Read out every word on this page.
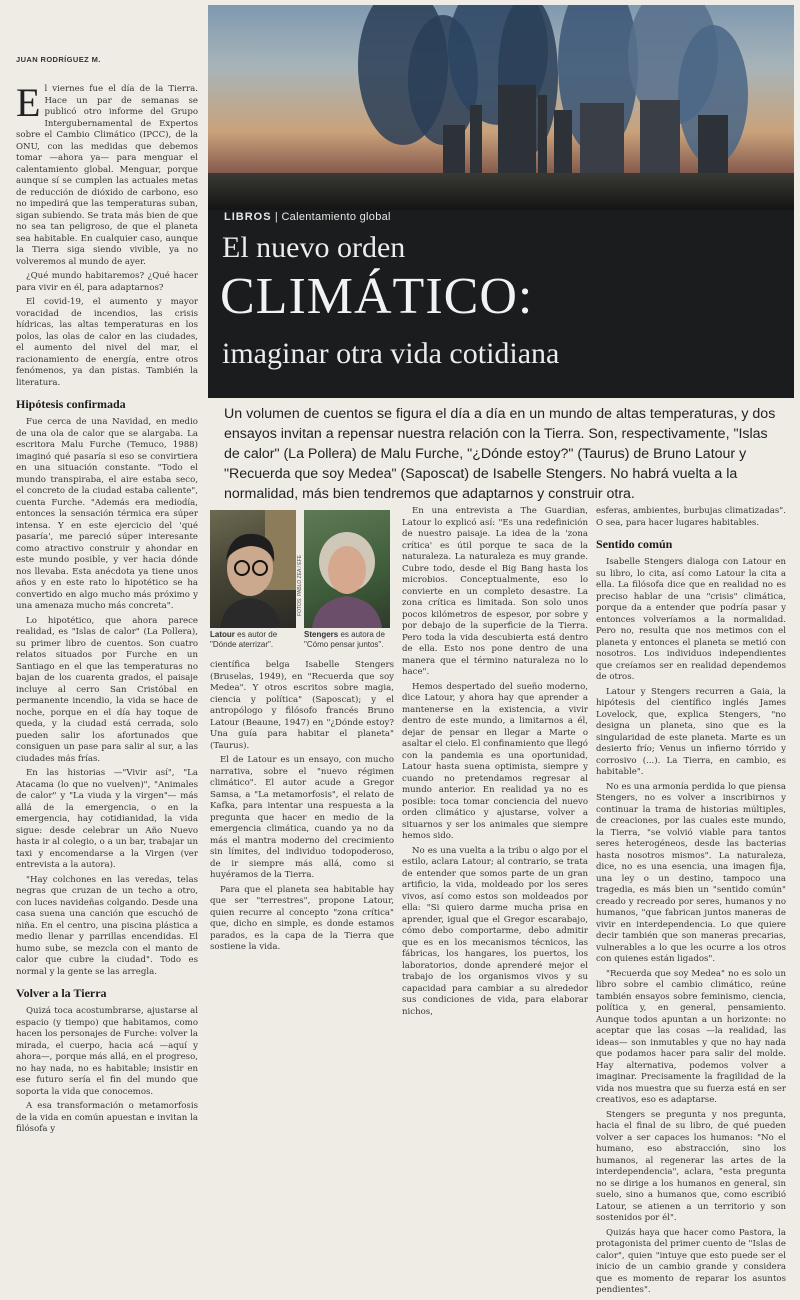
JUAN RODRÍGUEZ M.
LIBROS | Calentamiento global
El nuevo orden
CLIMÁTICO:
imaginar otra vida cotidiana
Un volumen de cuentos se figura el día a día en un mundo de altas temperaturas, y dos ensayos invitan a repensar nuestra relación con la Tierra. Son, respectivamente, "Islas de calor" (La Pollera) de Malu Furche, "¿Dónde estoy?" (Taurus) de Bruno Latour y "Recuerda que soy Medea" (Saposcat) de Isabelle Stengers. No habrá vuelta a la normalidad, más bien tendremos que adaptarnos y construir otra.

El viernes fue el día de la Tierra. Hace un par de semanas se publicó otro informe del Grupo Intergubernamental de Expertos sobre el Cambio Climático (IPCC), de la ONU, con las medidas que debemos tomar —ahora ya— para menguar el calentamiento global. Menguar, porque aunque sí se cumplen las actuales metas de reducción de dióxido de carbono, eso no impedirá que las temperaturas suban, sigan subiendo. Se trata más bien de que no sea tan peligroso, de que el planeta sea habitable. En cualquier caso, aunque la Tierra siga siendo vivible, ya no volveremos al mundo de ayer.

¿Qué mundo habitaremos? ¿Qué hacer para vivir en él, para adaptarnos?

El covid-19, el aumento y mayor voracidad de incendios, las crisis hídricas, las altas temperaturas en los polos, las olas de calor en las ciudades, el aumento del nivel del mar, el racionamiento de energía, entre otros fenómenos, ya dan pistas. También la literatura.

Hipótesis confirmada

Fue cerca de una Navidad, en medio de una ola de calor que se alargaba. La escritora Malu Furche (Temuco, 1988) imaginó qué pasaría si eso se convirtiera en una situación constante. "Todo el mundo transpiraba, el aire estaba seco, el concreto de la ciudad estaba caliente", cuenta Furche. "Además era mediodía, entonces la sensación térmica era súper intensa. Y en este ejercicio del 'qué pasaría', me pareció súper interesante como atractivo construir y ahondar en este mundo posible, y ver hacia dónde nos llevaba. Esta anécdota ya tiene unos años y en este rato lo hipotético se ha convertido en algo mucho más próximo y una amenaza mucho más concreta".

Lo hipotético, que ahora parece realidad, es "Islas de calor" (La Pollera), su primer libro de cuentos. Son cuatro relatos situados por Furche en un Santiago en el que las temperaturas no bajan de los cuarenta grados, el paisaje incluye al cerro San Cristóbal en permanente incendio, la vida se hace de noche, porque en el día hay toque de queda, y la ciudad está cerrada, solo pueden salir los afortunados que consiguen un pase para salir al sur, a las ciudades más frías.

En las historias —"Vivir así", "La Atacama (lo que no vuelven)", "Animales de calor" y "La viuda y la virgen"— más allá de la emergencia, o en la emergencia, hay cotidianidad, la vida sigue: desde celebrar un Año Nuevo hasta ir al colegio, o a un bar, trabajar un taxi y encomendarse a la Virgen (ver entrevista a la autora).

"Hay colchones en las veredas, telas negras que cruzan de un techo a otro, con luces navideñas colgando. Desde una casa suena una canción que escuchó de niña. En el centro, una piscina plástica a medio llenar y parrillas encendidas. El humo sube, se mezcla con el manto de calor que cubre la ciudad". Todo es normal y la gente se las arregla.

Volver a la Tierra

Quizá toca acostumbrarse, ajustarse al espacio (y tiempo) que habitamos, como hacen los personajes de Furche: volver la mirada, el cuerpo, hacia acá —aquí y ahora—, porque más allá, en el progreso, no hay nada, no es habitable; insistir en ese futuro sería el fin del mundo que soporta la vida que conocemos.

A esa transformación o metamorfosis de la vida en común apuestan e invitan la filósofa y

FOTOS: PABLO ZEA / EFE
Latour es autor de "Dónde aterrizar".
Stengers es autora de "Cómo pensar juntos".

científica belga Isabelle Stengers (Bruselas, 1949), en "Recuerda que soy Medea". Y otros escritos sobre magia, ciencia y política" (Saposcat); y el antropólogo y filósofo francés Bruno Latour (Beaune, 1947) en "¿Dónde estoy? Una guía para habitar el planeta" (Taurus).

El de Latour es un ensayo, con mucho narrativa, sobre el "nuevo régimen climático". El autor acude a Gregor Samsa, a "La metamorfosis", el relato de Kafka, para intentar una respuesta a la pregunta que hacer en medio de la emergencia climática, cuando ya no da más el mantra moderno del crecimiento sin límites, del individuo todopoderoso, de ir siempre más allá, como si huyéramos de la Tierra.

Para que el planeta sea habitable hay que ser "terrestres", propone Latour, quien recurre al concepto "zona crítica" que, dicho en simple, es donde estamos parados, es la capa de la Tierra que sostiene la vida.

En una entrevista a The Guardian, Latour lo explicó así: "Es una redefinición de nuestro paisaje. La idea de la 'zona crítica' es útil porque te saca de la naturaleza. La naturaleza es muy grande. Cubre todo, desde el Big Bang hasta los microbios. Conceptualmente, eso lo convierte en un completo desastre. La zona crítica es limitada. Son solo unos pocos kilómetros de espesor, por sobre y por debajo de la superficie de la Tierra. Pero toda la vida descubierta está dentro de ella. Esto nos pone dentro de una manera que el término naturaleza no lo hace".

Hemos despertado del sueño moderno, dice Latour, y ahora hay que aprender a mantenerse en la existencia, a vivir dentro de este mundo, a limitarnos a él, dejar de pensar en llegar a Marte o asaltar el cielo. El confinamiento que llegó con la pandemia es una oportunidad, Latour hasta suena optimista, siempre y cuando no pretendamos regresar al mundo anterior. En realidad ya no es posible: toca tomar conciencia del nuevo orden climático y ajustarse, volver a situarnos y ser los animales que siempre hemos sido.

No es una vuelta a la tribu o algo por el estilo, aclara Latour; al contrario, se trata de entender que somos parte de un gran artificio, la vida, moldeado por los seres vivos, así como estos son moldeados por ella: "Si quiero darme mucha prisa en aprender, igual que el Gregor escarabajo, cómo debo comportarme, debo admitir que es en los mecanismos técnicos, las fábricas, los hangares, los puertos, los laboratorios, donde aprenderé mejor el trabajo de los organismos vivos y su capacidad para cambiar a su alrededor sus condiciones de vida, para elaborar nichos,

esferas, ambientes, burbujas climatizadas". O sea, para hacer lugares habitables.

Sentido común

Isabelle Stengers dialoga con Latour en su libro, lo cita, así como Latour la cita a ella. La filósofa dice que en realidad no es preciso hablar de una "crisis" climática, porque da a entender que podría pasar y entonces volveríamos a la normalidad. Pero no, resulta que nos metimos con el planeta y entonces el planeta se metió con nosotros. Los individuos independientes que creíamos ser en realidad dependemos de otros.

Latour y Stengers recurren a Gaia, la hipótesis del científico inglés James Lovelock, que, explica Stengers, "no designa un planeta, sino que es la singularidad de este planeta. Marte es un desierto frío; Venus un infierno tórrido y corrosivo (...). La Tierra, en cambio, es habitable".

No es una armonía perdida lo que piensa Stengers, no es volver a inscribirnos y continuar la trama de historias múltiples, de creaciones, por las cuales este mundo, la Tierra, "se volvió viable para tantos seres heterogéneos, desde las bacterias hasta nosotros mismos". La naturaleza, dice, no es una esencia, una imagen fija, una ley o un destino, tampoco una tragedia, es más bien un "sentido común" creado y recreado por seres, humanos y no humanos, "que fabrican juntos maneras de vivir en interdependencia. Lo que quiere decir también que son maneras precarias, vulnerables a lo que les ocurre a los otros con quienes están ligados".

"Recuerda que soy Medea" no es solo un libro sobre el cambio climático, reúne también ensayos sobre feminismo, ciencia, política y, en general, pensamiento. Aunque todos apuntan a un horizonte: no aceptar que las cosas —la realidad, las ideas— son inmutables y que no hay nada que podamos hacer para salir del molde. Hay alternativa, podemos volver a imaginar. Precisamente la fragilidad de la vida nos muestra que su fuerza está en ser creativos, eso es adaptarse.

Stengers se pregunta y nos pregunta, hacia el final de su libro, de qué pueden volver a ser capaces los humanos: "No el humano, eso abstracción, sino los humanos, al regenerar las artes de la interdependencia", aclara, "esta pregunta no se dirige a los humanos en general, sin suelo, sino a humanos que, como escribió Latour, se atienen a un territorio y son sostenidos por él".

Quizás haya que hacer como Pastora, la protagonista del primer cuento de "Islas de calor", quien "intuye que esto puede ser el inicio de un cambio grande y considera que es momento de reparar los asuntos pendientes".
